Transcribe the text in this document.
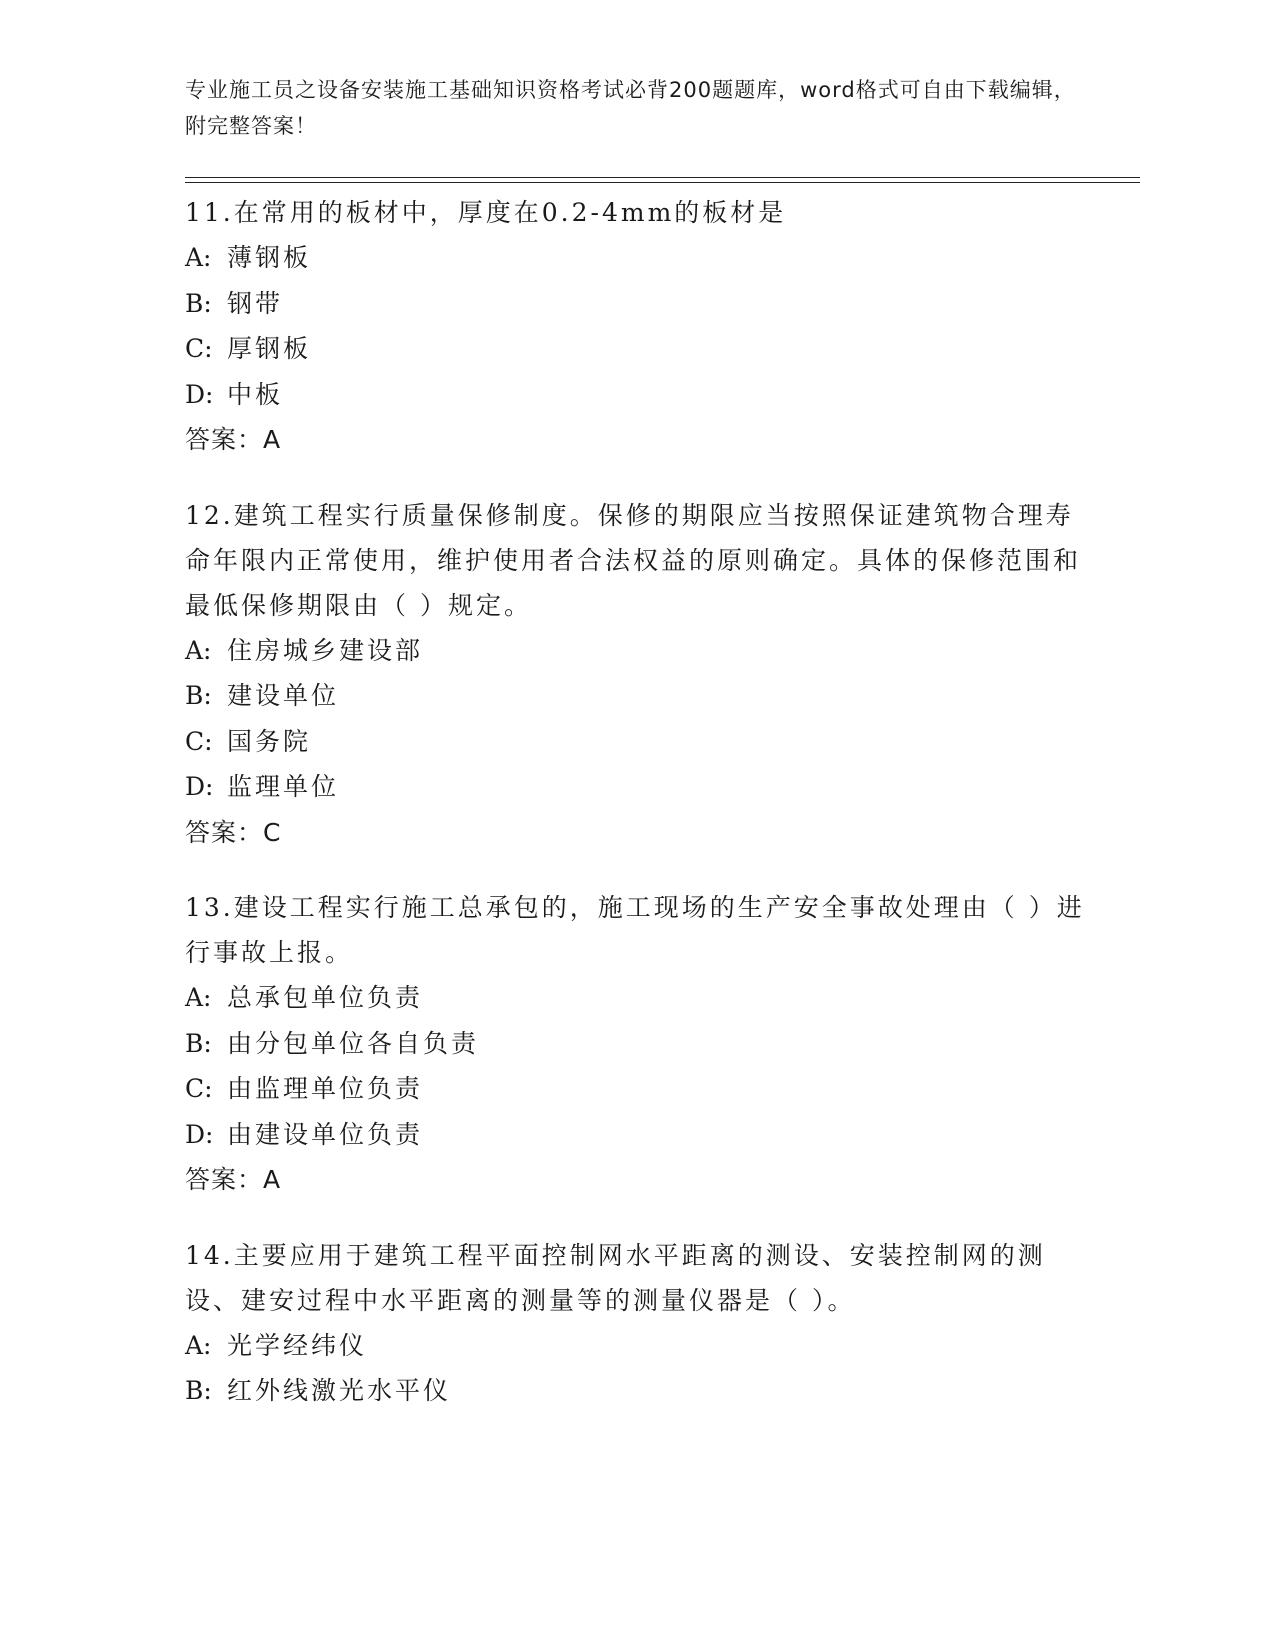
专业施工员之设备安装施工基础知识资格考试必背200题题库，word格式可自由下载编辑，附完整答案！
11.在常用的板材中，厚度在0.2-4mm的板材是
A: 薄钢板
B: 钢带
C: 厚钢板
D: 中板
答案：A
12.建筑工程实行质量保修制度。保修的期限应当按照保证建筑物合理寿命年限内正常使用，维护使用者合法权益的原则确定。具体的保修范围和最低保修期限由（ ）规定。
A: 住房城乡建设部
B: 建设单位
C: 国务院
D: 监理单位
答案：C
13.建设工程实行施工总承包的，施工现场的生产安全事故处理由（ ）进行事故上报。
A: 总承包单位负责
B: 由分包单位各自负责
C: 由监理单位负责
D: 由建设单位负责
答案：A
14.主要应用于建筑工程平面控制网水平距离的测设、安装控制网的测设、建安过程中水平距离的测量等的测量仪器是（ ）。
A: 光学经纬仪
B: 红外线激光水平仪
